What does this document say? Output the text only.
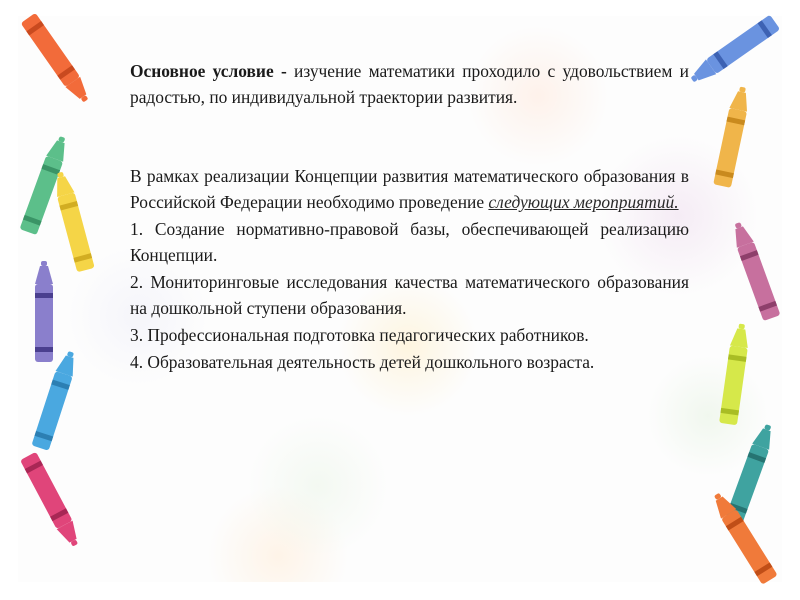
Основное условие - изучение математики проходило с удовольствием и радостью, по индивидуальной траектории развития.

В рамках реализации Концепции развития математического образования в Российской Федерации необходимо проведение следующих мероприятий.

1. Создание нормативно-правовой базы, обеспечивающей реализацию Концепции.

2. Мониторинговые исследования качества математического образования на дошкольной ступени образования.

3. Профессиональная подготовка педагогических работников.

4. Образовательная деятельность детей дошкольного возраста.
